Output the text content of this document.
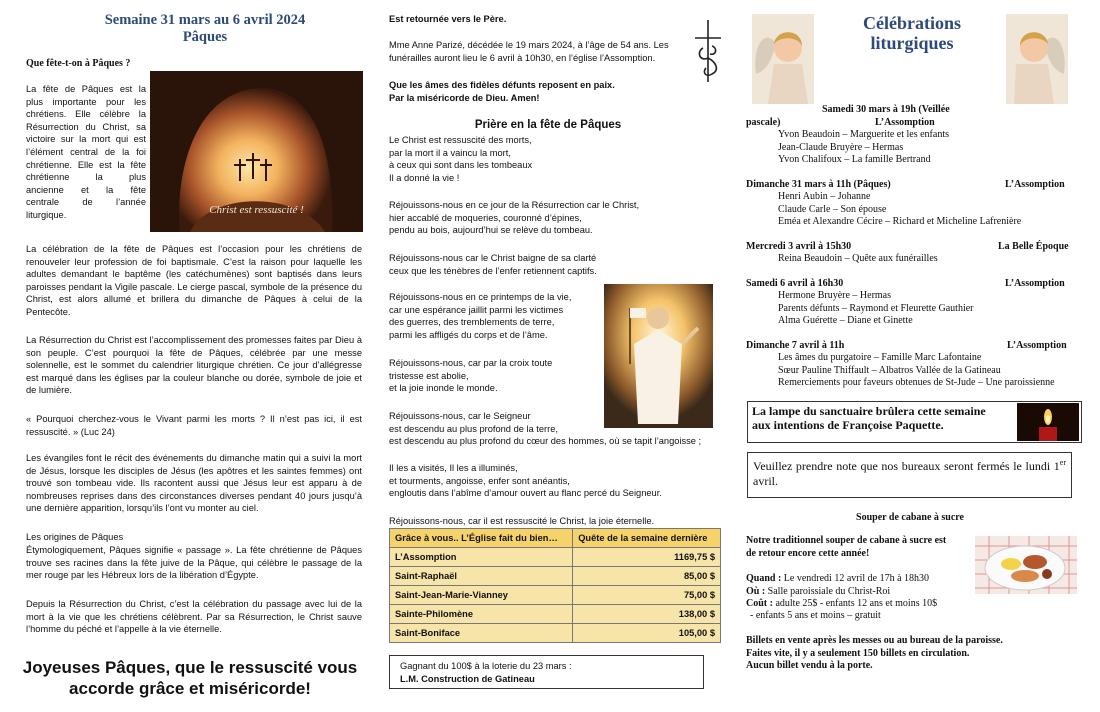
Semaine 31 mars au 6 avril 2024
Pâques
Que fête-t-on à Pâques ?
La fête de Pâques est la
plus importante pour les
chrétiens. Elle célèbre la
Résurrection du Christ, sa
victoire sur la mort qui est
l’élément central de la foi
chrétienne. Elle est la fête
chrétienne la plus
ancienne et la fête
centrale de l’année
liturgique.	Christ est ressuscité !
La célébration de la fête de Pâques est l’occasion pour les chrétiens de renouveler leur profession de foi baptismale. C’est la raison pour laquelle les adultes demandant le baptême (les catéchumènes) sont baptisés dans leurs paroisses pendant la Vigile pascale. Le cierge pascal, symbole de la présence du Christ, est alors allumé et brillera du dimanche de Pâques à celui de la Pentecôte.
La Résurrection du Christ est l’accomplissement des promesses faites par Dieu à son peuple. C’est pourquoi la fête de Pâques, célébrée par une messe solennelle, est le sommet du calendrier liturgique chrétien. Ce jour d’allégresse est marqué dans les églises par la couleur blanche ou dorée, symbole de joie et de lumière.
« Pourquoi cherchez-vous le Vivant parmi les morts ? Il n’est pas ici, il est ressuscité. » (Luc 24)
Les évangiles font le récit des événements du dimanche matin qui a suivi la mort de Jésus, lorsque les disciples de Jésus (les apôtres et les saintes femmes) ont trouvé son tombeau vide. Ils racontent aussi que Jésus leur est apparu à de nombreuses reprises dans des circonstances diverses pendant 40 jours jusqu’à une dernière apparition, lorsqu’ils l’ont vu monter au ciel.
Les origines de Pâques
Étymologiquement, Pâques signifie « passage ». La fête chrétienne de Pâques trouve ses racines dans la fête juive de la Pâque, qui célèbre le passage de la mer rouge par les Hébreux lors de la libération d’Égypte.
Depuis la Résurrection du Christ, c’est la célébration du passage avec lui de la mort à la vie que les chrétiens célèbrent. Par sa Résurrection, le Christ sauve l’homme du péché et l’appelle à la vie éternelle.
Joyeuses Pâques, que le ressuscité vous
accorde grâce et miséricorde!
Est retournée vers le Père.
Mme Anne Parizé, décédée le 19 mars 2024, à l’âge de 54 ans. Les funérailles auront lieu le 6 avril à 10h30, en l’église l’Assomption.
Que les âmes des fidèles défunts reposent en paix.
Par la miséricorde de Dieu. Amen!
Prière en la fête de Pâques
Le Christ est ressuscité des morts,
par la mort il a vaincu la mort,
à ceux qui sont dans les tombeaux
Il a donné la vie !
Réjouissons-nous en ce jour de la Résurrection car le Christ,
hier accablé de moqueries, couronné d’épines,
pendu au bois, aujourd’hui se relève du tombeau.
Réjouissons-nous car le Christ baigne de sa clarté
ceux que les ténèbres de l’enfer retiennent captifs.
Réjouissons-nous en ce printemps de la vie,
car une espérance jaillit parmi les victimes
des guerres, des tremblements de terre,
parmi les affligés du corps et de l’âme.
Réjouissons-nous, car par la croix toute
tristesse est abolie,
et la joie inonde le monde.
Réjouissons-nous, car le Seigneur
est descendu au plus profond de la terre,
est descendu au plus profond du cœur des hommes, où se tapit l’angoisse ;
Il les a visités, Il les a illuminés,
et tourments, angoisse, enfer sont anéantis,
engloutis dans l’abîme d’amour ouvert au flanc percé du Seigneur.
Réjouissons-nous, car il est ressuscité le Christ, la joie éternelle.
Grâce à vous.. L’Église fait du bien…	Quête de la semaine dernière
L’Assomption	1169,75 $
Saint-Raphaël	85,00 $
Saint-Jean-Marie-Vianney	75,00 $
Sainte-Philomène	138,00 $
Saint-Boniface	105,00 $
Gagnant du 100$ à la loterie du 23 mars :
L.M. Construction de Gatineau
Célébrations
liturgiques
Samedi 30 mars à 19h (Veillée
pascale)	L’Assomption
Yvon Beaudoin – Marguerite et les enfants
Jean-Claude Bruyère – Hermas
Yvon Chalifoux – La famille Bertrand
Dimanche 31 mars à 11h (Pâques)	L’Assomption
Henri Aubin – Johanne
Claude Carle – Son épouse
Eméa et Alexandre Cécire – Richard et Micheline Lafrenière
Mercredi 3 avril à 15h30	La Belle Époque
Reina Beaudoin – Quête aux funérailles
Samedi 6 avril à 16h30	L’Assomption
Hermone Bruyère – Hermas
Parents défunts – Raymond et Fleurette Gauthier
Alma Guérette – Diane et Ginette
Dimanche 7 avril à 11h	L’Assomption
Les âmes du purgatoire – Famille Marc Lafontaine
Sœur Pauline Thiffault – Albatros Vallée de la Gatineau
Remerciements pour faveurs obtenues de St-Jude – Une paroissienne
La lampe du sanctuaire brûlera cette semaine
aux intentions de Françoise Paquette.
Veuillez prendre note que nos bureaux seront fermés le lundi 1er avril.
Souper de cabane à sucre
Notre traditionnel souper de cabane à sucre est
de retour encore cette année!
Quand : Le vendredi 12 avril de 17h à 18h30
Où : Salle paroissiale du Christ-Roi
Coût : adulte 25$ - enfants 12 ans et moins 10$
- enfants 5 ans et moins – gratuit
Billets en vente après les messes ou au bureau de la paroisse.
Faites vite, il y a seulement 150 billets en circulation.
Aucun billet vendu à la porte.
